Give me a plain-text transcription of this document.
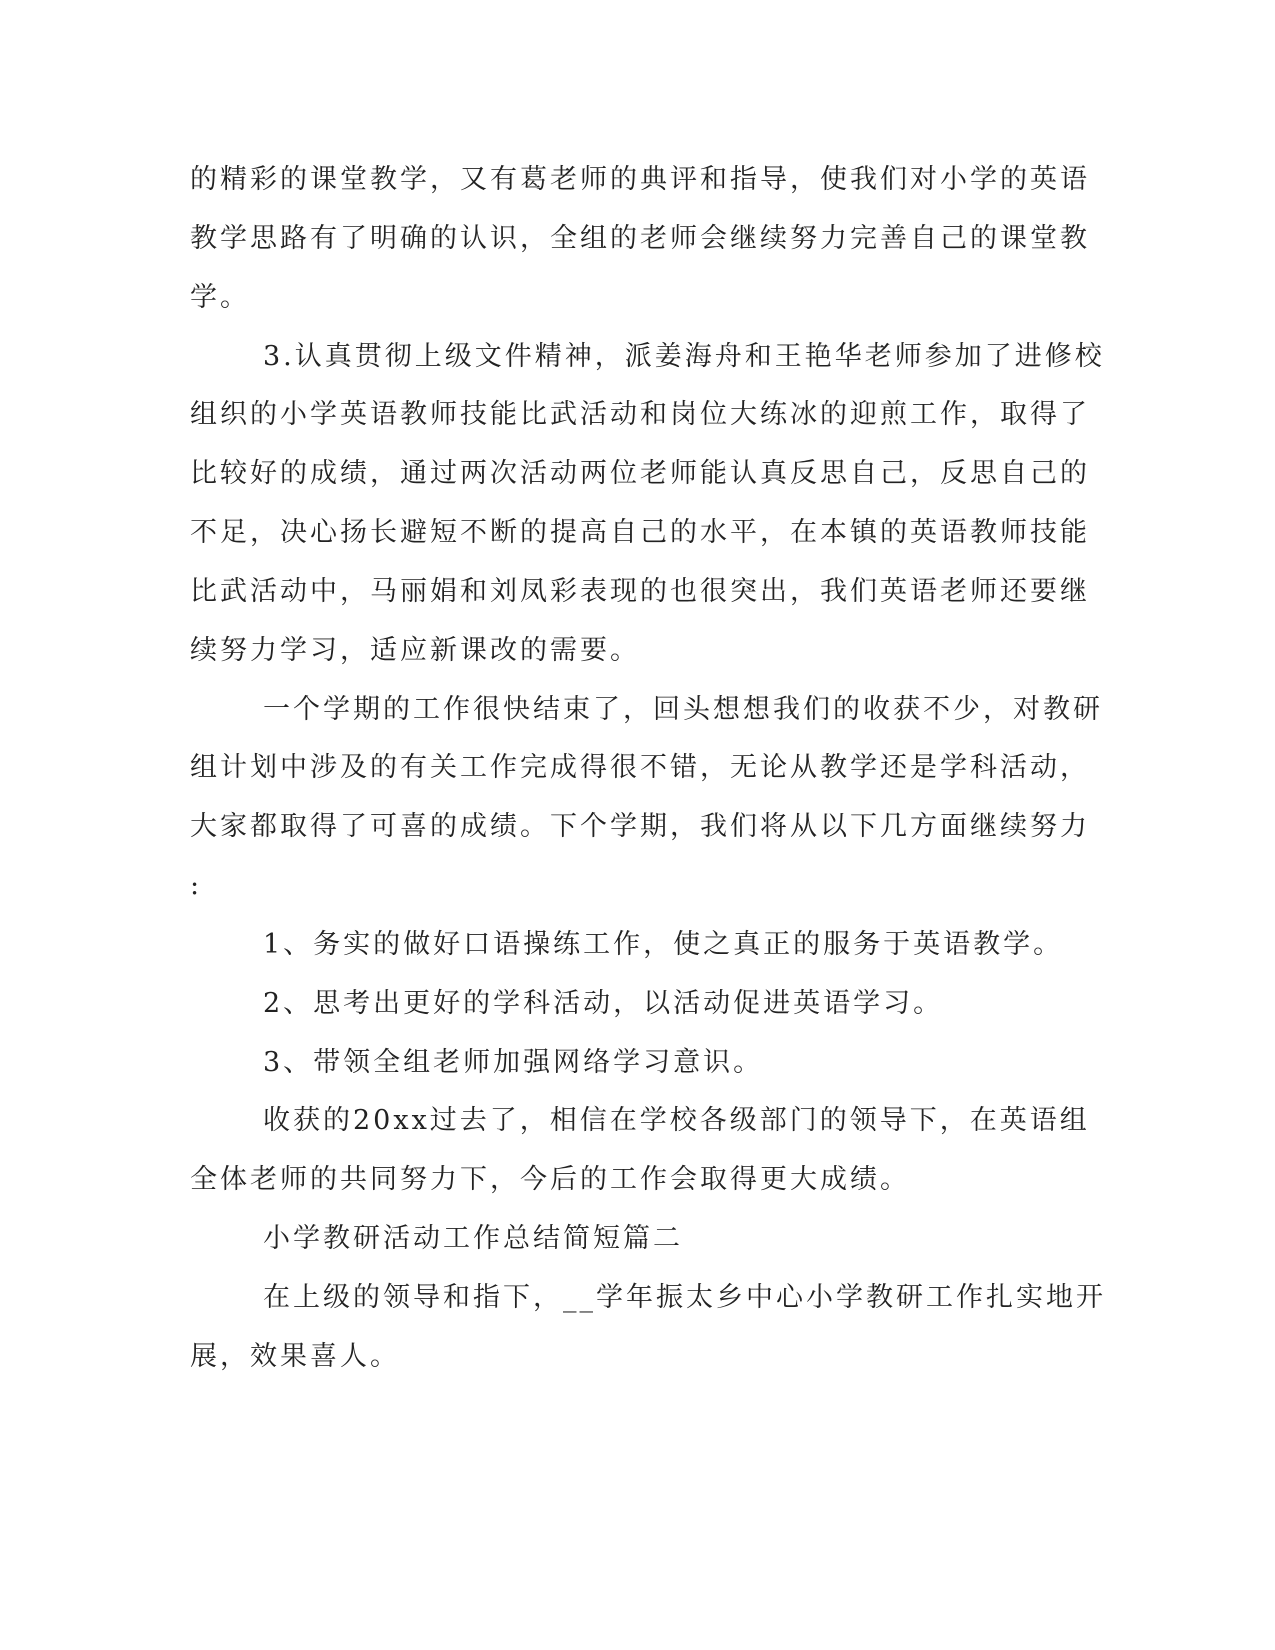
的精彩的课堂教学，又有葛老师的典评和指导，使我们对小学的英语

教学思路有了明确的认识，全组的老师会继续努力完善自己的课堂教

学。

3.认真贯彻上级文件精神，派姜海舟和王艳华老师参加了进修校

组织的小学英语教师技能比武活动和岗位大练冰的迎煎工作，取得了

比较好的成绩，通过两次活动两位老师能认真反思自己，反思自己的

不足，决心扬长避短不断的提高自己的水平，在本镇的英语教师技能

比武活动中，马丽娟和刘凤彩表现的也很突出，我们英语老师还要继

续努力学习，适应新课改的需要。

一个学期的工作很快结束了，回头想想我们的收获不少，对教研

组计划中涉及的有关工作完成得很不错，无论从教学还是学科活动，

大家都取得了可喜的成绩。下个学期，我们将从以下几方面继续努力

:

1、务实的做好口语操练工作，使之真正的服务于英语教学。

2、思考出更好的学科活动，以活动促进英语学习。

3、带领全组老师加强网络学习意识。

收获的20xx过去了，相信在学校各级部门的领导下，在英语组

全体老师的共同努力下，今后的工作会取得更大成绩。

小学教研活动工作总结简短篇二

在上级的领导和指下，__学年振太乡中心小学教研工作扎实地开

展，效果喜人。
